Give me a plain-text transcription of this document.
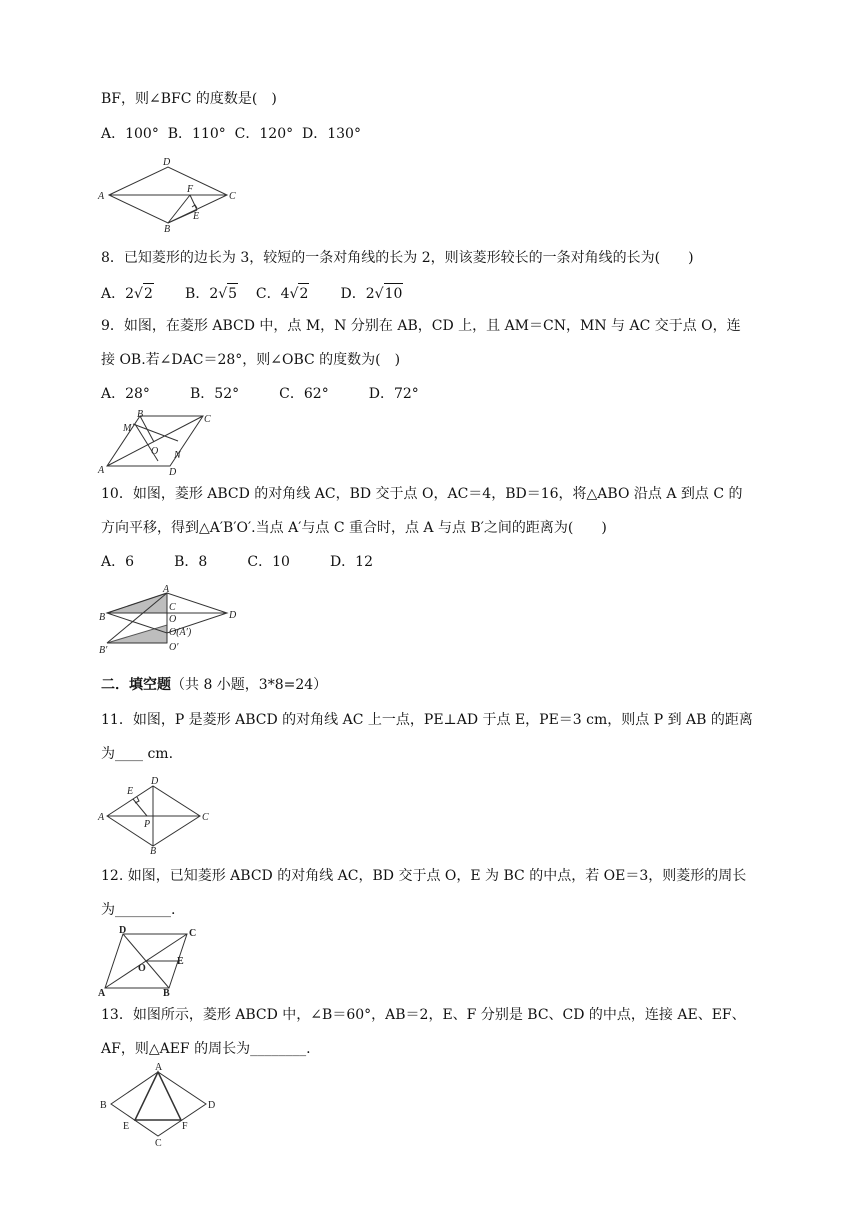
BF，则∠BFC 的度数是(　)
A．100° B．110° C．120° D．130°
A
B
C
D
E
F
8．已知菱形的边长为 3，较短的一条对角线的长为 2，则该菱形较长的一条对角线的长为(　　)
A．2√2 B．2√5 C．4√2 D．2√10
9．如图，在菱形 ABCD 中，点 M，N 分别在 AB，CD 上，且 AM＝CN，MN 与 AC 交于点 O，连
接 OB.若∠DAC＝28°，则∠OBC 的度数为(　)
A．28°	B．52°	C．62°	D．72°
A
B	C
D
M
N
O
10．如图，菱形 ABCD 的对角线 AC，BD 交于点 O，AC＝4，BD＝16，将△ABO 沿点 A 到点 C 的
方向平移，得到△A′B′O′.当点 A′与点 C 重合时，点 A 与点 B′之间的距离为(　　)
A．6	B．8	C．10	D．12
A
B
C
D
O
O(A′)
B′	O′
二．填空题（共 8 小题，3*8=24）
11．如图，P 是菱形 ABCD 的对角线 AC 上一点，PE⊥AD 于点 E，PE＝3 cm，则点 P 到 AB 的距离
为____ cm.
A
B
C
D
E
P
12. 如图，已知菱形 ABCD 的对角线 AC，BD 交于点 O，E 为 BC 的中点，若 OE＝3，则菱形的周长
为________.
A	B
C
D
E
O
13．如图所示，菱形 ABCD 中，∠B＝60°，AB＝2，E、F 分别是 BC、CD 的中点，连接 AE、EF、
AF，则△AEF 的周长为________.
B
A
D
C
E	F
